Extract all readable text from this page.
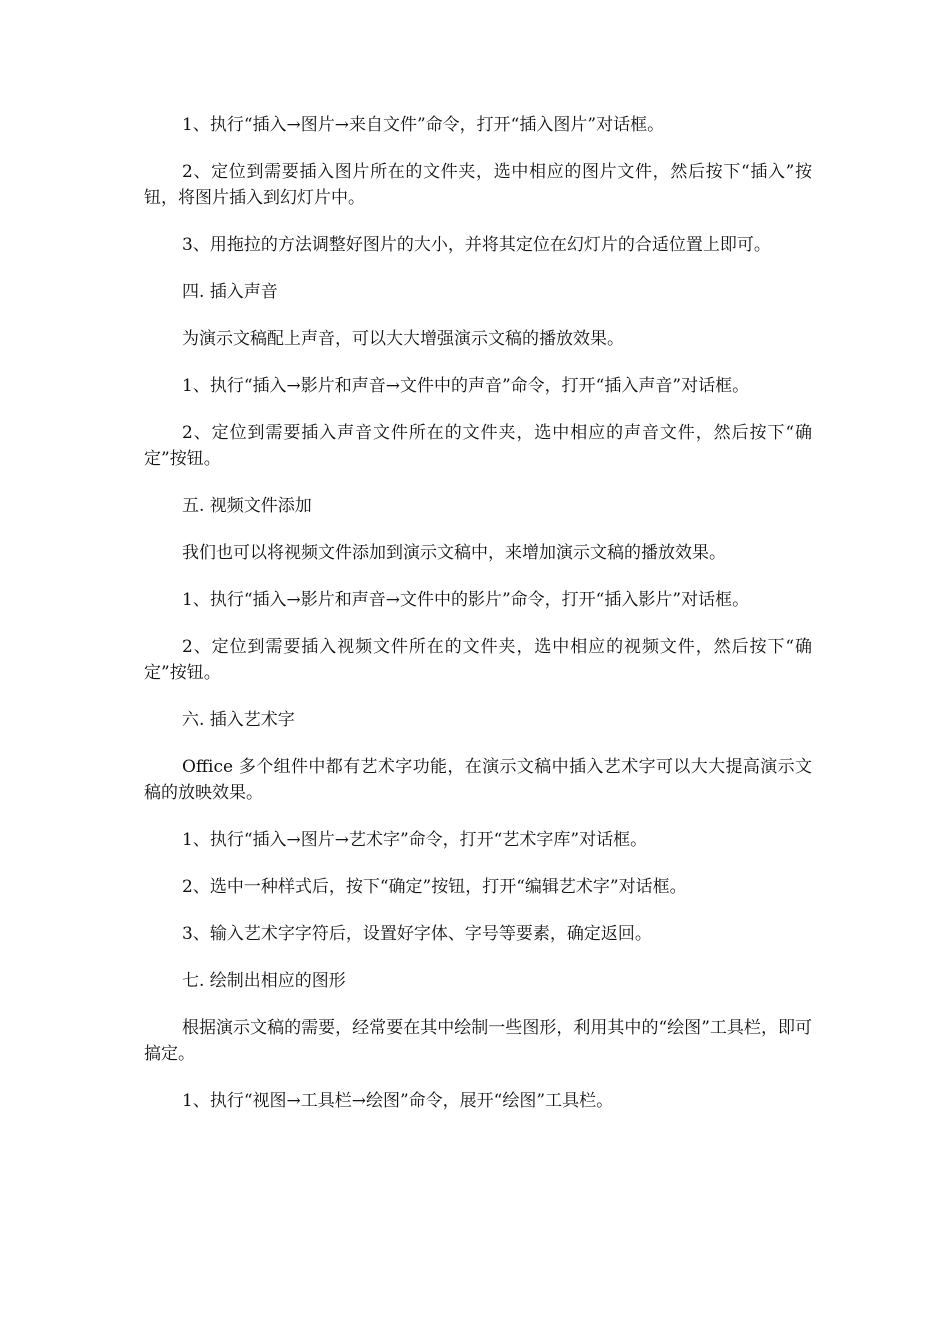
1、执行“插入→图片→来自文件”命令，打开“插入图片”对话框。

2、定位到需要插入图片所在的文件夹，选中相应的图片文件，然后按下“插入”按钮，将图片插入到幻灯片中。

3、用拖拉的方法调整好图片的大小，并将其定位在幻灯片的合适位置上即可。

四. 插入声音

为演示文稿配上声音，可以大大增强演示文稿的播放效果。

1、执行“插入→影片和声音→文件中的声音”命令，打开“插入声音”对话框。

2、定位到需要插入声音文件所在的文件夹，选中相应的声音文件，然后按下“确定”按钮。

五. 视频文件添加

我们也可以将视频文件添加到演示文稿中，来增加演示文稿的播放效果。

1、执行“插入→影片和声音→文件中的影片”命令，打开“插入影片”对话框。

2、定位到需要插入视频文件所在的文件夹，选中相应的视频文件，然后按下“确定”按钮。

六. 插入艺术字

Office 多个组件中都有艺术字功能，在演示文稿中插入艺术字可以大大提高演示文稿的放映效果。

1、执行“插入→图片→艺术字”命令，打开“艺术字库”对话框。

2、选中一种样式后，按下“确定”按钮，打开“编辑艺术字”对话框。

3、输入艺术字字符后，设置好字体、字号等要素，确定返回。

七. 绘制出相应的图形

根据演示文稿的需要，经常要在其中绘制一些图形，利用其中的“绘图”工具栏，即可搞定。

1、执行“视图→工具栏→绘图”命令，展开“绘图”工具栏。
